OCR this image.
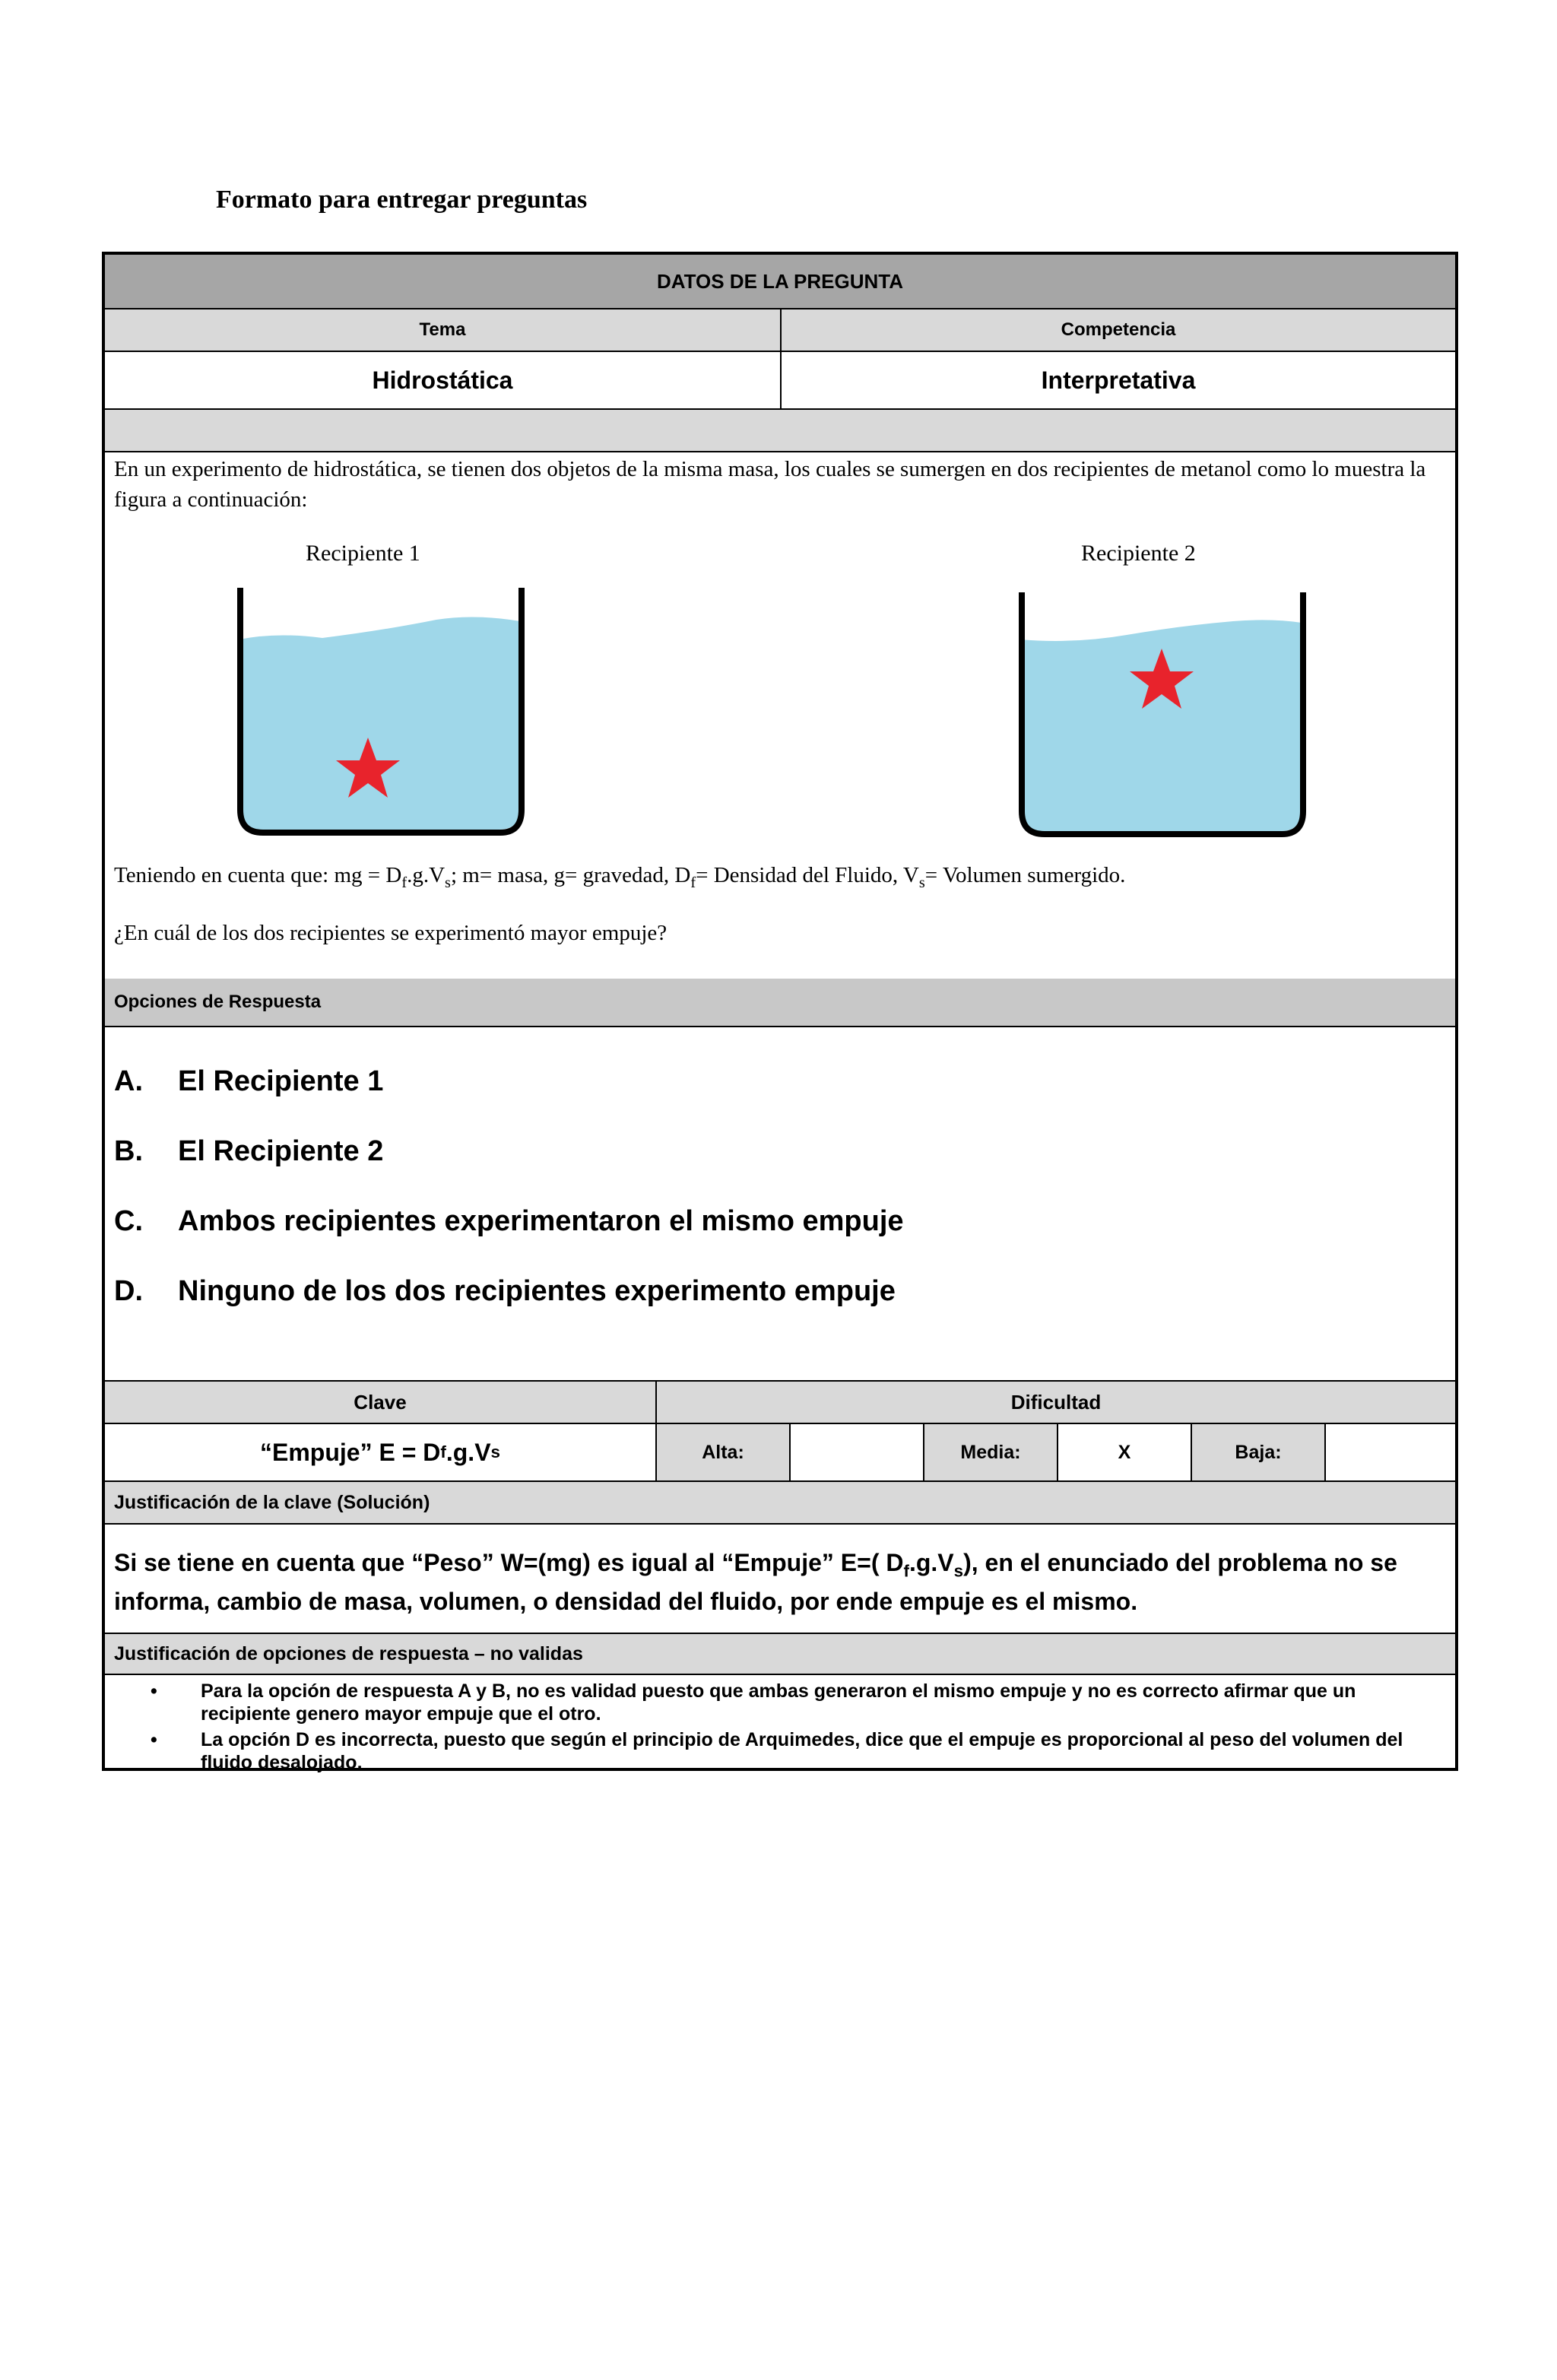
Formato para entregar preguntas
DATOS DE LA PREGUNTA
Tema	Competencia
Hidrostática	Interpretativa
En un experimento de hidrostática, se tienen dos objetos de la misma masa, los cuales se sumergen en dos recipientes de metanol como lo muestra la figura a continuación:
Recipiente 1	Recipiente 2
Teniendo en cuenta que: mg = $D_f.g.V_s$; m= masa, g= gravedad, $D_f=$ Densidad del Fluido, $V_s=$ Volumen sumergido.
¿En cuál de los dos recipientes se experimentó mayor empuje?
Opciones de Respuesta
A.	El Recipiente 1
B.	El Recipiente 2
C.	Ambos recipientes experimentaron el mismo empuje
D.	Ninguno de los dos recipientes experimento empuje
Clave	Dificultad
“Empuje” E = D f .g.V s	Alta:	Media:	X	Baja:
Justificación de la clave (Solución)
Si se tiene en cuenta que “Peso” W=(mg) es igual al “Empuje” E=( $D_f.g.V_s$), en el enunciado del problema no se informa, cambio de masa, volumen, o densidad del fluido, por ende empuje es el mismo.
Justificación de opciones de respuesta – no validas
•	Para la opción de respuesta A y B, no es validad puesto que ambas generaron el mismo empuje y no es correcto afirmar que un recipiente genero mayor empuje que el otro.
•	La opción D es incorrecta, puesto que según el principio de Arquimedes, dice que el empuje es proporcional al peso del volumen del fluido desalojado.
